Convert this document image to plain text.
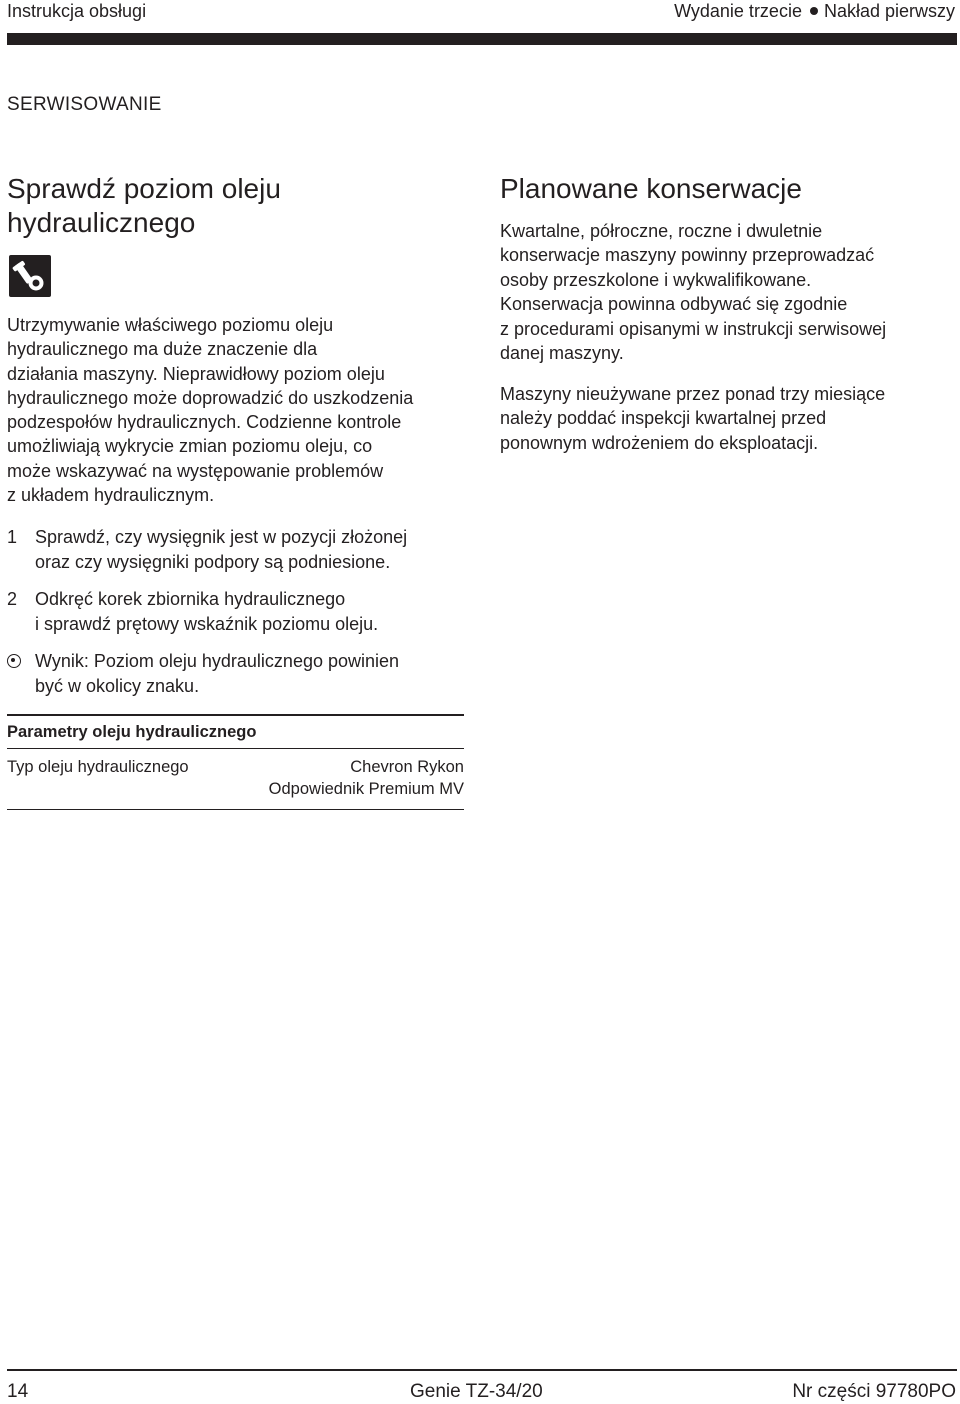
Instrukcja obsługi	Wydanie trzecie Nakład pierwszy
SERWISOWANIE
Sprawdź poziom oleju
hydraulicznego

Utrzymywanie właściwego poziomu oleju
hydraulicznego ma duże znaczenie dla
działania maszyny. Nieprawidłowy poziom oleju
hydraulicznego może doprowadzić do uszkodzenia
podzespołów hydraulicznych. Codzienne kontrole
umożliwiają wykrycie zmian poziomu oleju, co
może wskazywać na występowanie problemów
z układem hydraulicznym.

1 Sprawdź, czy wysięgnik jest w pozycji złożonej
oraz czy wysięgniki podpory są podniesione.
2 Odkręć korek zbiornika hydraulicznego
i sprawdź prętowy wskaźnik poziomu oleju.
Wynik: Poziom oleju hydraulicznego powinien
być w okolicy znaku.
Parametry oleju hydraulicznego
Typ oleju hydraulicznego	Chevron Rykon
Odpowiednik Premium MV
Planowane konserwacje

Kwartalne, półroczne, roczne i dwuletnie
konserwacje maszyny powinny przeprowadzać
osoby przeszkolone i wykwalifikowane.
Konserwacja powinna odbywać się zgodnie
z procedurami opisanymi w instrukcji serwisowej
danej maszyny.

Maszyny nieużywane przez ponad trzy miesiące
należy poddać inspekcji kwartalnej przed
ponownym wdrożeniem do eksploatacji.

14	Genie TZ-34/20	Nr części 97780PO
